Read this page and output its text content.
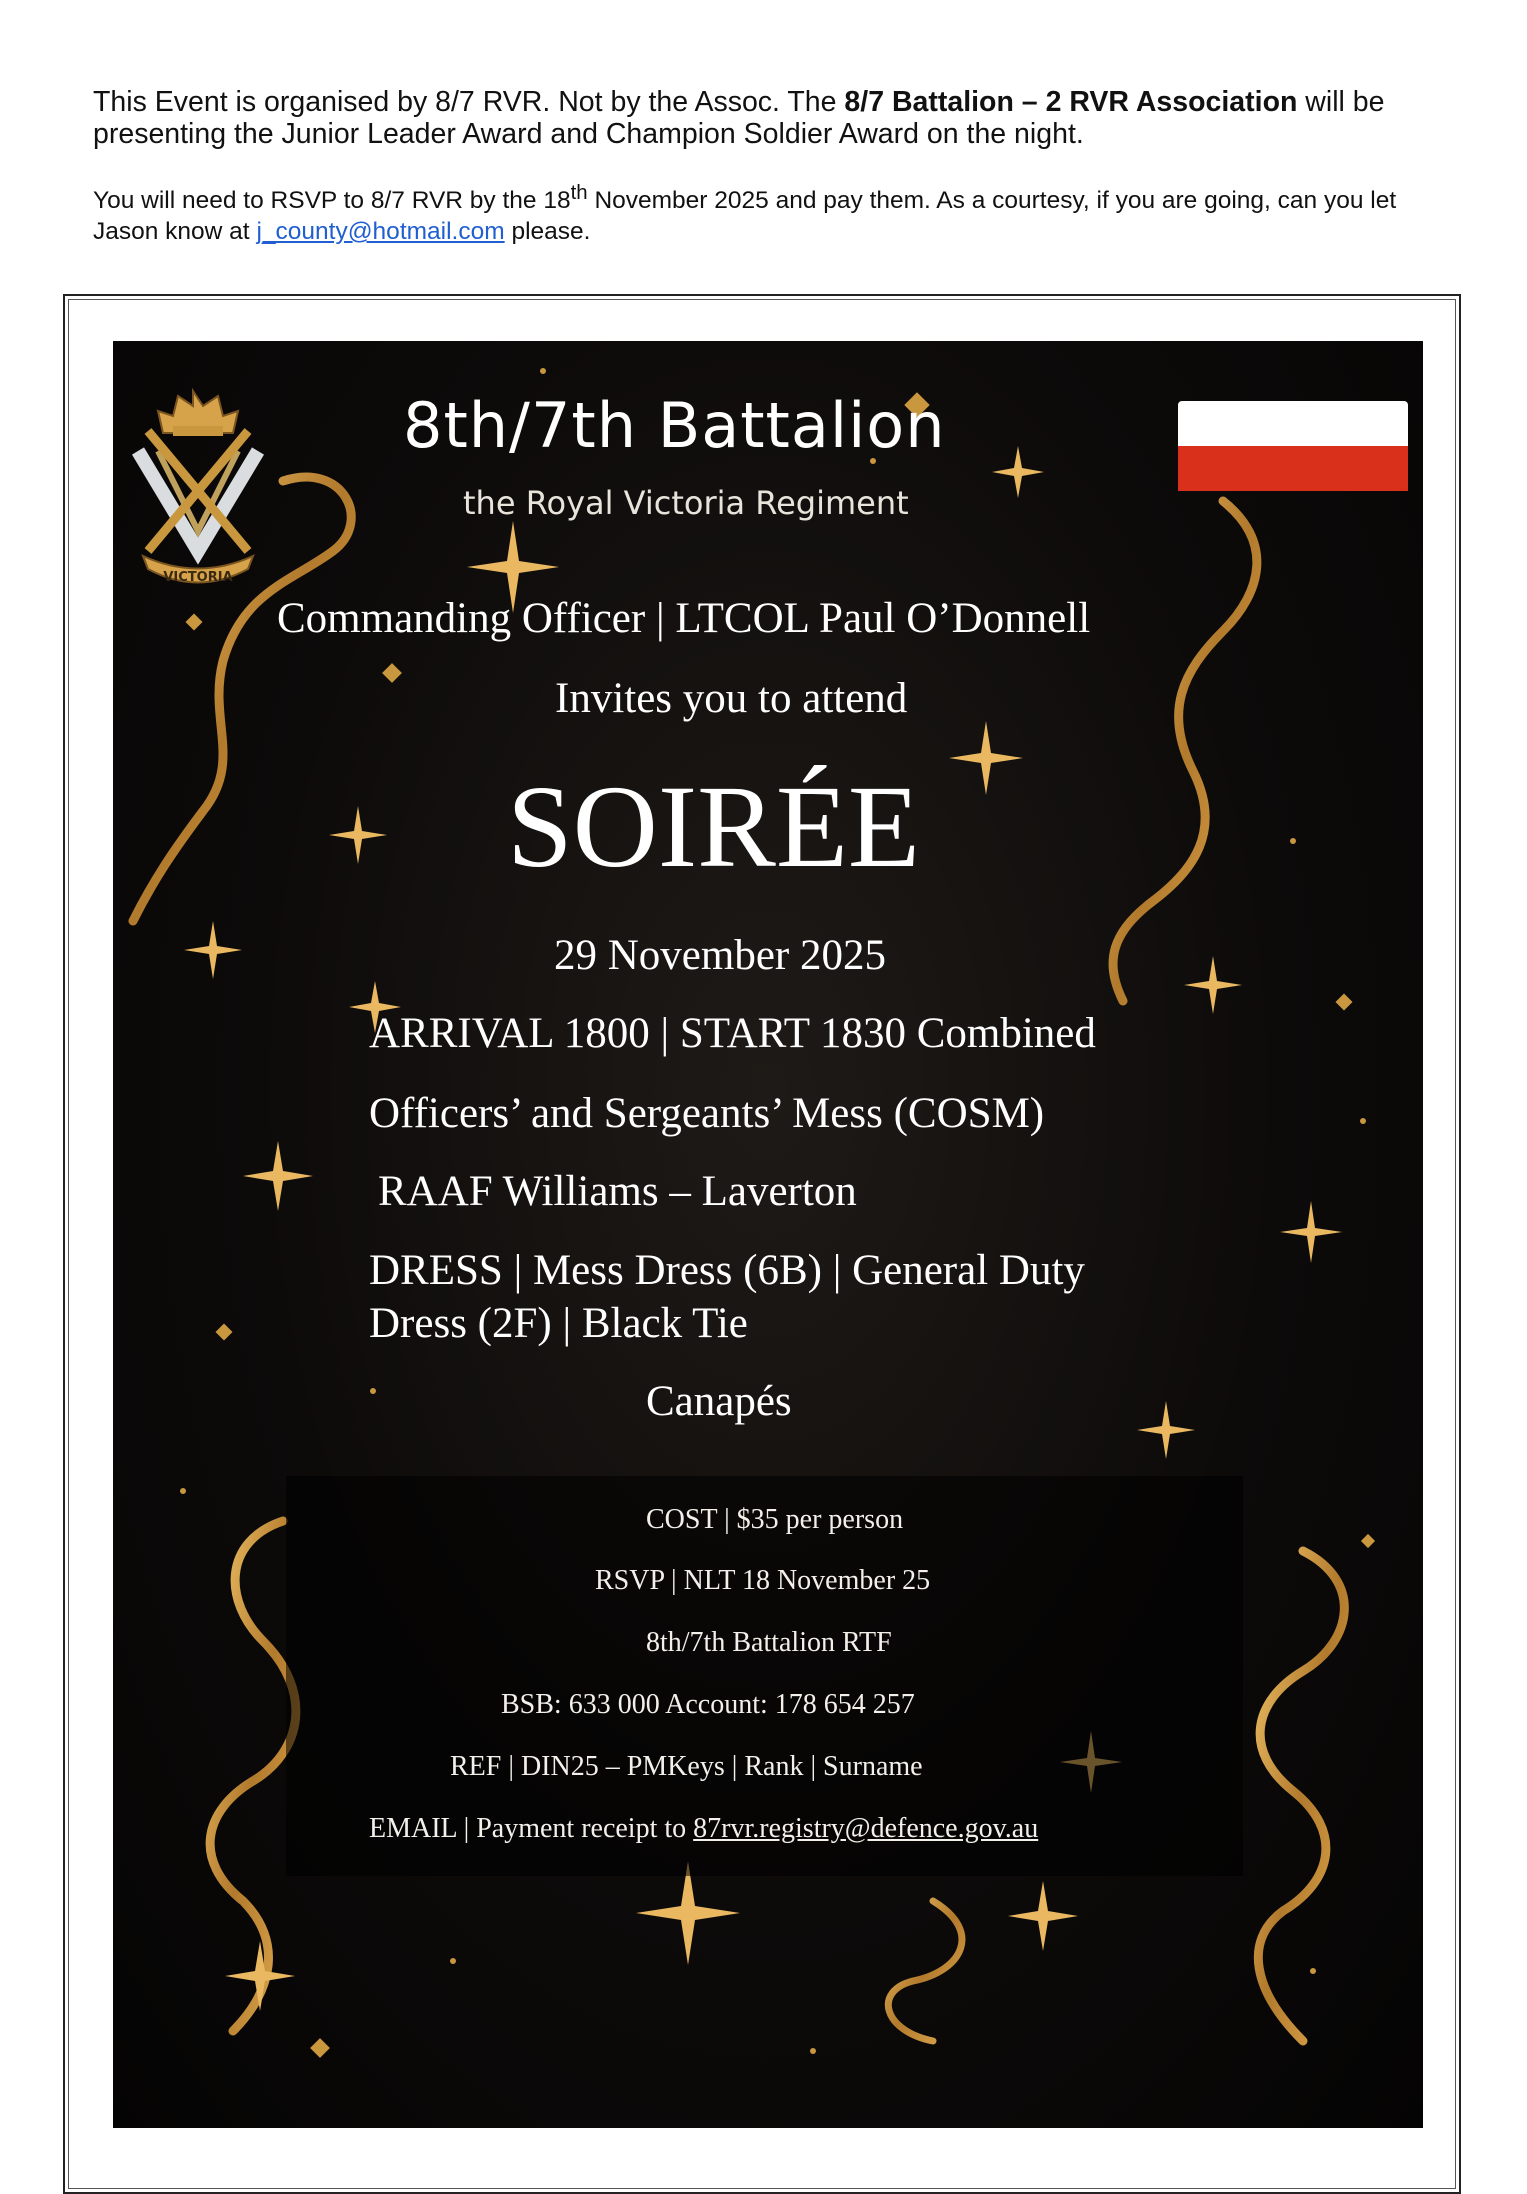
This Event is organised by 8/7 RVR. Not by the Assoc. The 8/7 Battalion – 2 RVR Association will be presenting the Junior Leader Award and Champion Soldier Award on the night.
You will need to RSVP to 8/7 RVR by the 18th November 2025 and pay them. As a courtesy, if you are going, can you let Jason know at j_county@hotmail.com please.
VICTORIA
8th/7th Battalion
the Royal Victoria Regiment
Commanding Officer | LTCOL Paul O’Donnell
Invites you to attend
SOIRÉE
29 November 2025
ARRIVAL 1800 | START 1830 Combined
Officers’ and Sergeants’ Mess (COSM)
RAAF Williams – Laverton
DRESS | Mess Dress (6B) | General Duty
Dress (2F) | Black Tie
Canapés
COST | $35 per person
RSVP | NLT 18 November 25
8th/7th Battalion RTF
BSB: 633 000 Account: 178 654 257
REF | DIN25 – PMKeys | Rank | Surname
EMAIL | Payment receipt to 87rvr.registry@defence.gov.au
